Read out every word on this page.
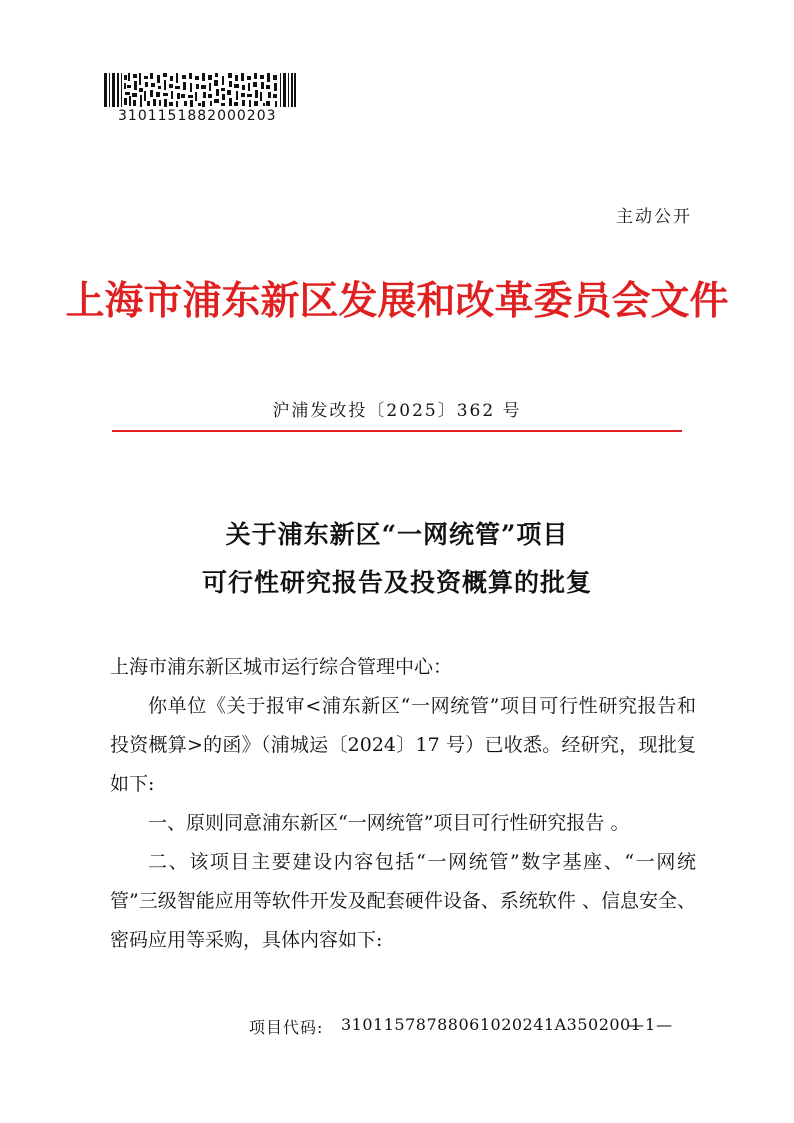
3101151882000203
主动公开
上海市浦东新区发展和改革委员会文件
沪浦发改投〔2025〕362 号
关于浦东新区“一网统管”项目
可行性研究报告及投资概算的批复

上海市浦东新区城市运行综合管理中心：

你单位《关于报审<浦东新区“一网统管”项目可行性研究报告和投资概算>的函》（浦城运〔2024〕17 号）已收悉。经研究，现批复如下:

一、原则同意浦东新区“一网统管”项目可行性研究报告 。

二、该项目主要建设内容包括“一网统管”数字基座、“一网统管”三级智能应用等软件开发及配套硬件设备、系统软件 、信息安全、密码应用等采购，具体内容如下:

项目代码: 31011578788061020241A3502001
—1—
